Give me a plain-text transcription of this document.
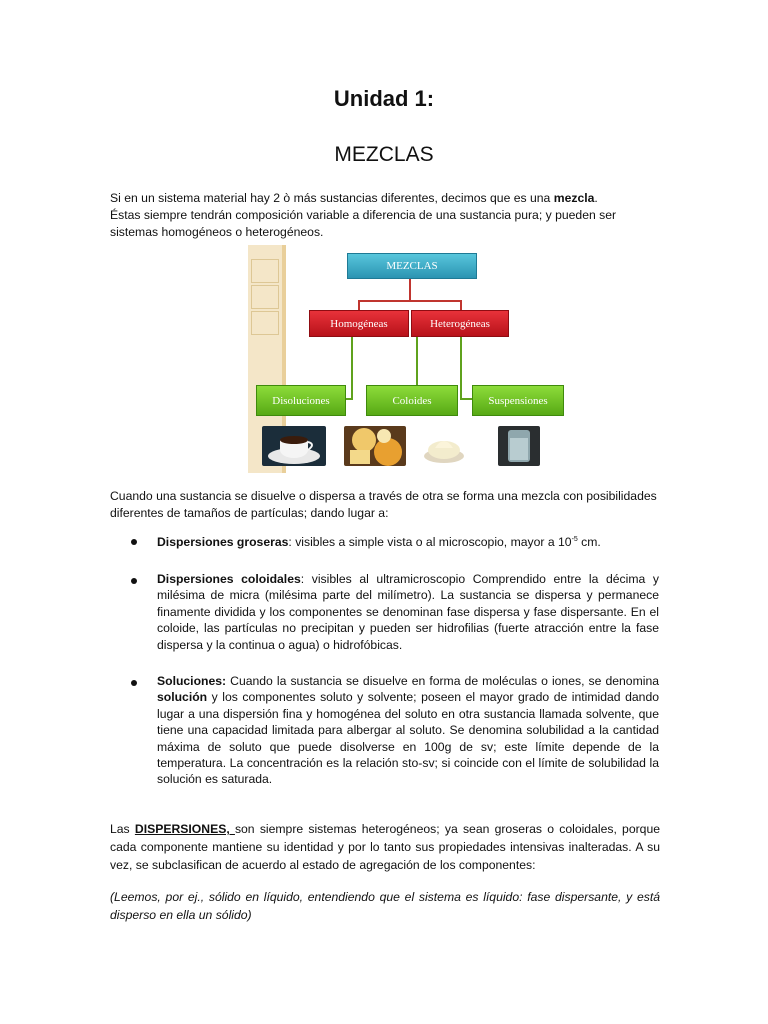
Unidad 1:
MEZCLAS
Si en un sistema material hay 2 ò más sustancias diferentes, decimos que es una mezcla.
Éstas siempre tendrán composición variable a diferencia de una sustancia pura; y pueden ser
sistemas homogéneos o heterogéneos.
MEZCLAS
Homogéneas	Heterogéneas
Disoluciones	Coloides	Suspensiones
Cuando una sustancia se disuelve o dispersa a través de otra se forma una mezcla con posibilidades diferentes de tamaños de partículas; dando lugar a:
Dispersiones groseras: visibles a simple vista o al microscopio, mayor a $10^{-5}$ cm.
Dispersiones coloidales: visibles al ultramicroscopio Comprendido entre la décima y milésima de micra (milésima parte del milímetro). La sustancia se dispersa y permanece finamente dividida y los componentes se denominan fase dispersa y fase dispersante. En el coloide, las partículas no precipitan y pueden ser hidrofilias (fuerte atracción entre la fase dispersa y la continua o agua) o hidrofóbicas.
Soluciones: Cuando la sustancia se disuelve en forma de moléculas o iones, se denomina solución y los componentes soluto y solvente; poseen el mayor grado de intimidad dando lugar a una dispersión fina y homogénea del soluto en otra sustancia llamada solvente, que tiene una capacidad limitada para albergar al soluto. Se denomina solubilidad a la cantidad máxima de soluto que puede disolverse en 100g de sv; este límite depende de la temperatura. La concentración es la relación sto-sv; si coincide con el límite de solubilidad la solución es saturada.
Las DISPERSIONES, son siempre sistemas heterogéneos; ya sean groseras o coloidales, porque cada componente mantiene su identidad y por lo tanto sus propiedades intensivas inalteradas. A su vez, se subclasifican de acuerdo al estado de agregación de los componentes:
(Leemos, por ej., sólido en líquido, entendiendo que el sistema es líquido: fase dispersante, y está disperso en ella un sólido)
